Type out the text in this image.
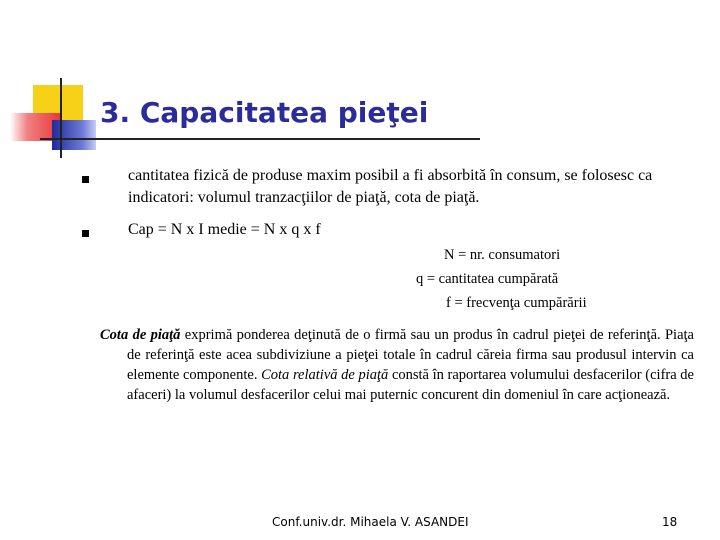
3. Capacitatea pieţei
cantitatea fizică de produse maxim posibil a fi absorbită în consum, se folosesc ca indicatori: volumul tranzacţiilor de piaţă, cota de piaţă.
Cap = N x I medie = N x q x f
N = nr. consumatori
q = cantitatea cumpărată
f = frecvenţa cumpărării
Cota de piaţă exprimă ponderea deţinută de o firmă sau un produs în cadrul pieţei de referinţă. Piaţa de referinţă este acea subdiviziune a pieţei totale în cadrul căreia firma sau produsul intervin ca elemente componente. Cota relativă de piaţă constă în raportarea volumului desfacerilor (cifra de afaceri) la volumul desfacerilor celui mai puternic concurent din domeniul în care acţionează.
Conf.univ.dr. Mihaela V. ASANDEI	18
